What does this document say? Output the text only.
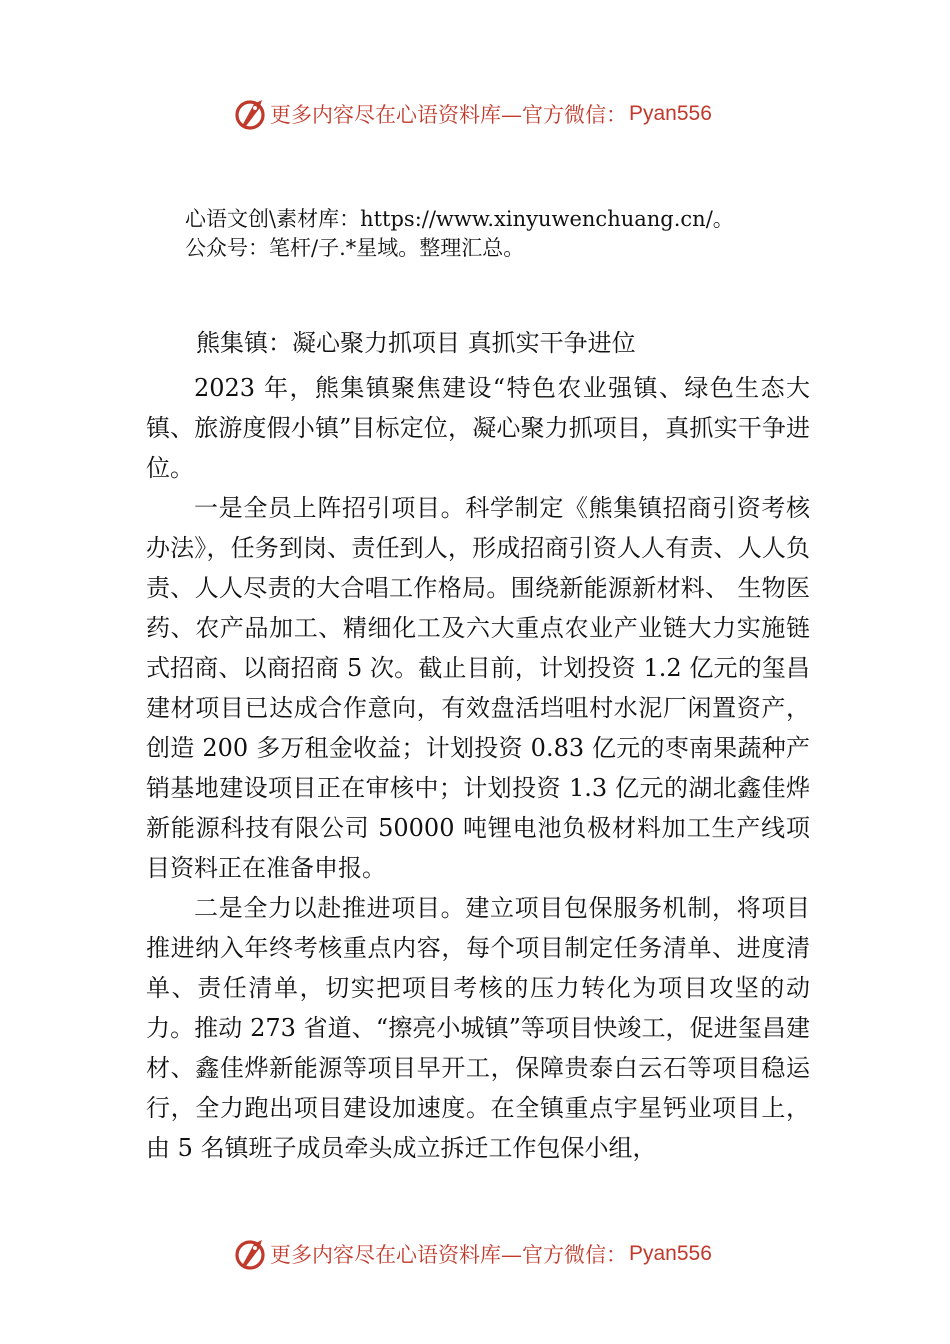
更多内容尽在心语资料库—官方微信： Pyan556
心语文创\素材库：https://www.xinyuwenchuang.cn/。
公众号：笔杆/子.*星域。整理汇总。
熊集镇：凝心聚力抓项目 真抓实干争进位

2023 年，熊集镇聚焦建设“特色农业强镇、绿色生态大镇、旅游度假小镇”目标定位，凝心聚力抓项目，真抓实干争进位。

一是全员上阵招引项目。科学制定《熊集镇招商引资考核办法》，任务到岗、责任到人，形成招商引资人人有责、人人负责、人人尽责的大合唱工作格局。围绕新能源新材料、 生物医药、农产品加工、精细化工及六大重点农业产业链大力实施链式招商、以商招商 5 次。截止目前，计划投资 1.2 亿元的玺昌建材项目已达成合作意向，有效盘活垱咀村水泥厂闲置资产，创造 200 多万租金收益；计划投资 0.83 亿元的枣南果蔬种产销基地建设项目正在审核中；计划投资 1.3 亿元的湖北鑫佳烨新能源科技有限公司 50000 吨锂电池负极材料加工生产线项目资料正在准备申报。

二是全力以赴推进项目。建立项目包保服务机制，将项目推进纳入年终考核重点内容，每个项目制定任务清单、进度清单、责任清单，切实把项目考核的压力转化为项目攻坚的动力。推动 273 省道、“擦亮小城镇”等项目快竣工，促进玺昌建材、鑫佳烨新能源等项目早开工，保障贵泰白云石等项目稳运行，全力跑出项目建设加速度。在全镇重点宇星钙业项目上，由 5 名镇班子成员牵头成立拆迁工作包保小组，

更多内容尽在心语资料库—官方微信： Pyan556
